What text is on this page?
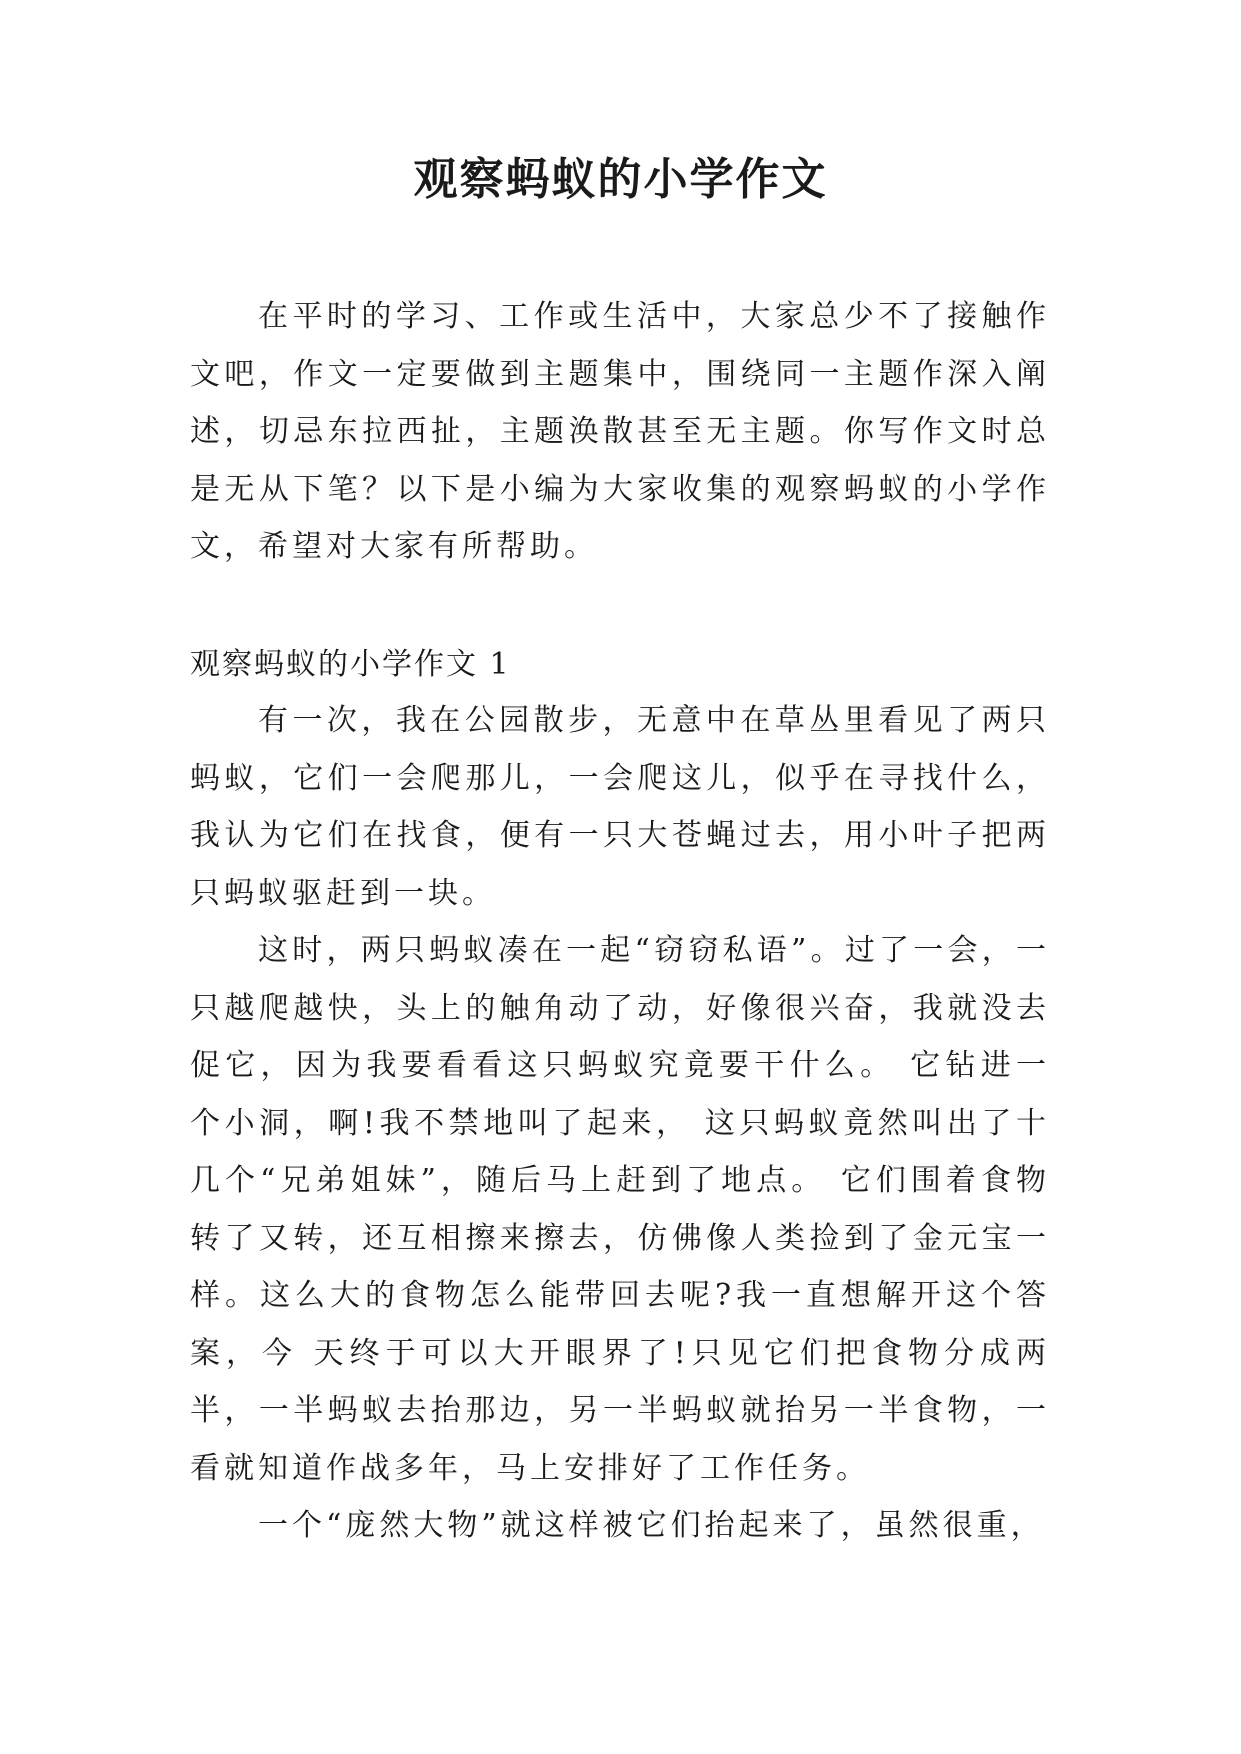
观察蚂蚁的小学作文

在平时的学习、工作或生活中，大家总少不了接触作文吧，作文一定要做到主题集中，围绕同一主题作深入阐述，切忌东拉西扯，主题涣散甚至无主题。你写作文时总是无从下笔？以下是小编为大家收集的观察蚂蚁的小学作文，希望对大家有所帮助。

观察蚂蚁的小学作文 1

有一次，我在公园散步，无意中在草丛里看见了两只蚂蚁，它们一会爬那儿，一会爬这儿，似乎在寻找什么，我认为它们在找食，便有一只大苍蝇过去，用小叶子把两只蚂蚁驱赶到一块。

这时，两只蚂蚁凑在一起“窃窃私语”。过了一会，一只越爬越快，头上的触角动了动，好像很兴奋，我就没去促它，因为我要看看这只蚂蚁究竟要干什么。 它钻进一个小洞，啊!我不禁地叫了起来， 这只蚂蚁竟然叫出了十几个“兄弟姐妹”，随后马上赶到了地点。 它们围着食物转了又转，还互相擦来擦去，仿佛像人类捡到了金元宝一样。这么大的食物怎么能带回去呢?我一直想解开这个答案，今 天终于可以大开眼界了!只见它们把食物分成两半，一半蚂蚁去抬那边，另一半蚂蚁就抬另一半食物，一看就知道作战多年，马上安排好了工作任务。

一个“庞然大物”就这样被它们抬起来了，虽然很重，
